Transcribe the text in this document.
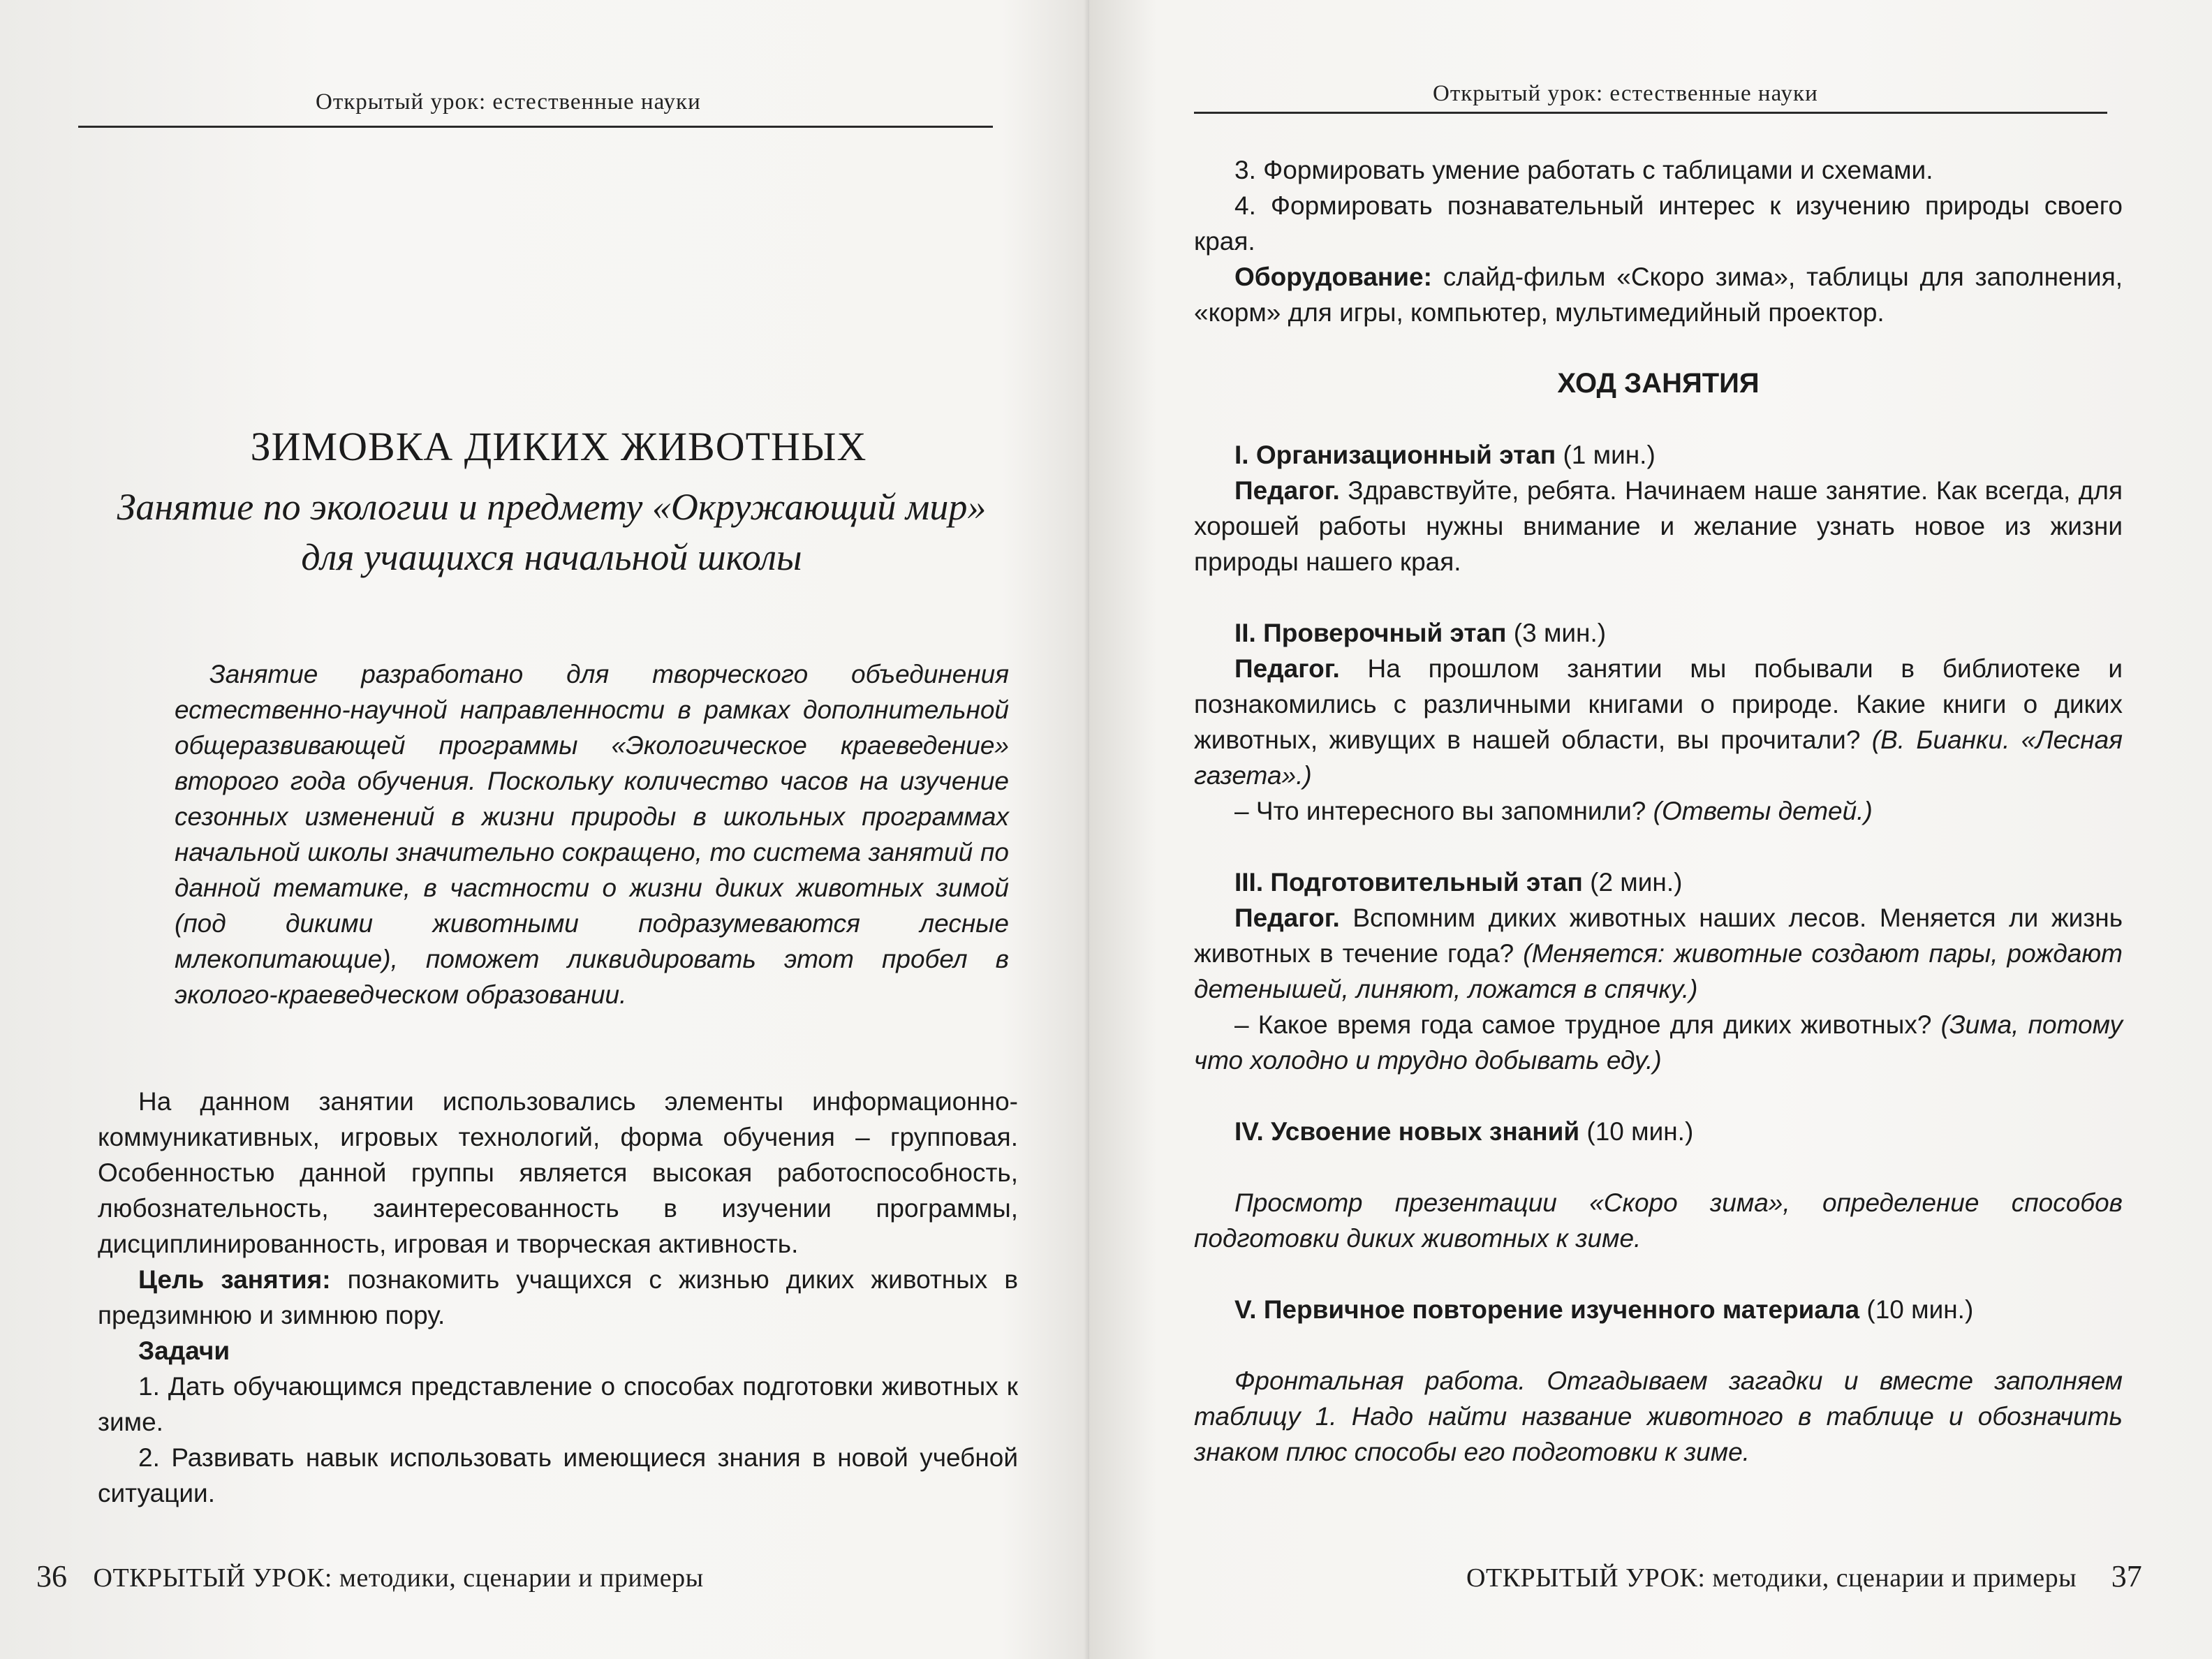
Открытый урок: естественные науки
ЗИМОВКА ДИКИХ ЖИВОТНЫХ
Занятие по экологии и предмету «Окружающий мир»
для учащихся начальной школы

Занятие разработано для творческого объединения естественно-научной направленности в рамках дополнительной общеразвивающей программы «Экологическое краеведение» второго года обучения. Поскольку количество часов на изучение сезонных изменений в жизни природы в школьных программах начальной школы значительно сокращено, то система занятий по данной тематике, в частности о жизни диких животных зимой (под дикими животными подразумеваются лесные млекопитающие), поможет ликвидировать этот пробел в эколого-краеведческом образовании.

На данном занятии использовались элементы информационно-коммуникативных, игровых технологий, форма обучения – групповая. Особенностью данной группы является высокая работоспособность, любознательность, заинтересованность в изучении программы, дисциплинированность, игровая и творческая активность.

Цель занятия: познакомить учащихся с жизнью диких животных в предзимнюю и зимнюю пору.

Задачи

1. Дать обучающимся представление о способах подготовки животных к зиме.

2. Развивать навык использовать имеющиеся знания в новой учебной ситуации.

36 ОТКРЫТЫЙ УРОК: методики, сценарии и примеры
Открытый урок: естественные науки

3. Формировать умение работать с таблицами и схемами.

4. Формировать познавательный интерес к изучению природы своего края.

Оборудование: слайд-фильм «Скоро зима», таблицы для заполнения, «корм» для игры, компьютер, мультимедийный проектор.

ХОД ЗАНЯТИЯ

I. Организационный этап (1 мин.)

Педагог. Здравствуйте, ребята. Начинаем наше занятие. Как всегда, для хорошей работы нужны внимание и желание узнать новое из жизни природы нашего края.

II. Проверочный этап (3 мин.)

Педагог. На прошлом занятии мы побывали в библиотеке и познакомились с различными книгами о природе. Какие книги о диких животных, живущих в нашей области, вы прочитали? (В. Бианки. «Лесная газета».)

– Что интересного вы запомнили? (Ответы детей.)

III. Подготовительный этап (2 мин.)

Педагог. Вспомним диких животных наших лесов. Меняется ли жизнь животных в течение года? (Меняется: животные создают пары, рождают детенышей, линяют, ложатся в спячку.)

– Какое время года самое трудное для диких животных? (Зима, потому что холодно и трудно добывать еду.)

IV. Усвоение новых знаний (10 мин.)

Просмотр презентации «Скоро зима», определение способов подготовки диких животных к зиме.

V. Первичное повторение изученного материала (10 мин.)

Фронтальная работа. Отгадываем загадки и вместе заполняем таблицу 1. Надо найти название животного в таблице и обозначить знаком плюс способы его подготовки к зиме.

ОТКРЫТЫЙ УРОК: методики, сценарии и примеры 37
